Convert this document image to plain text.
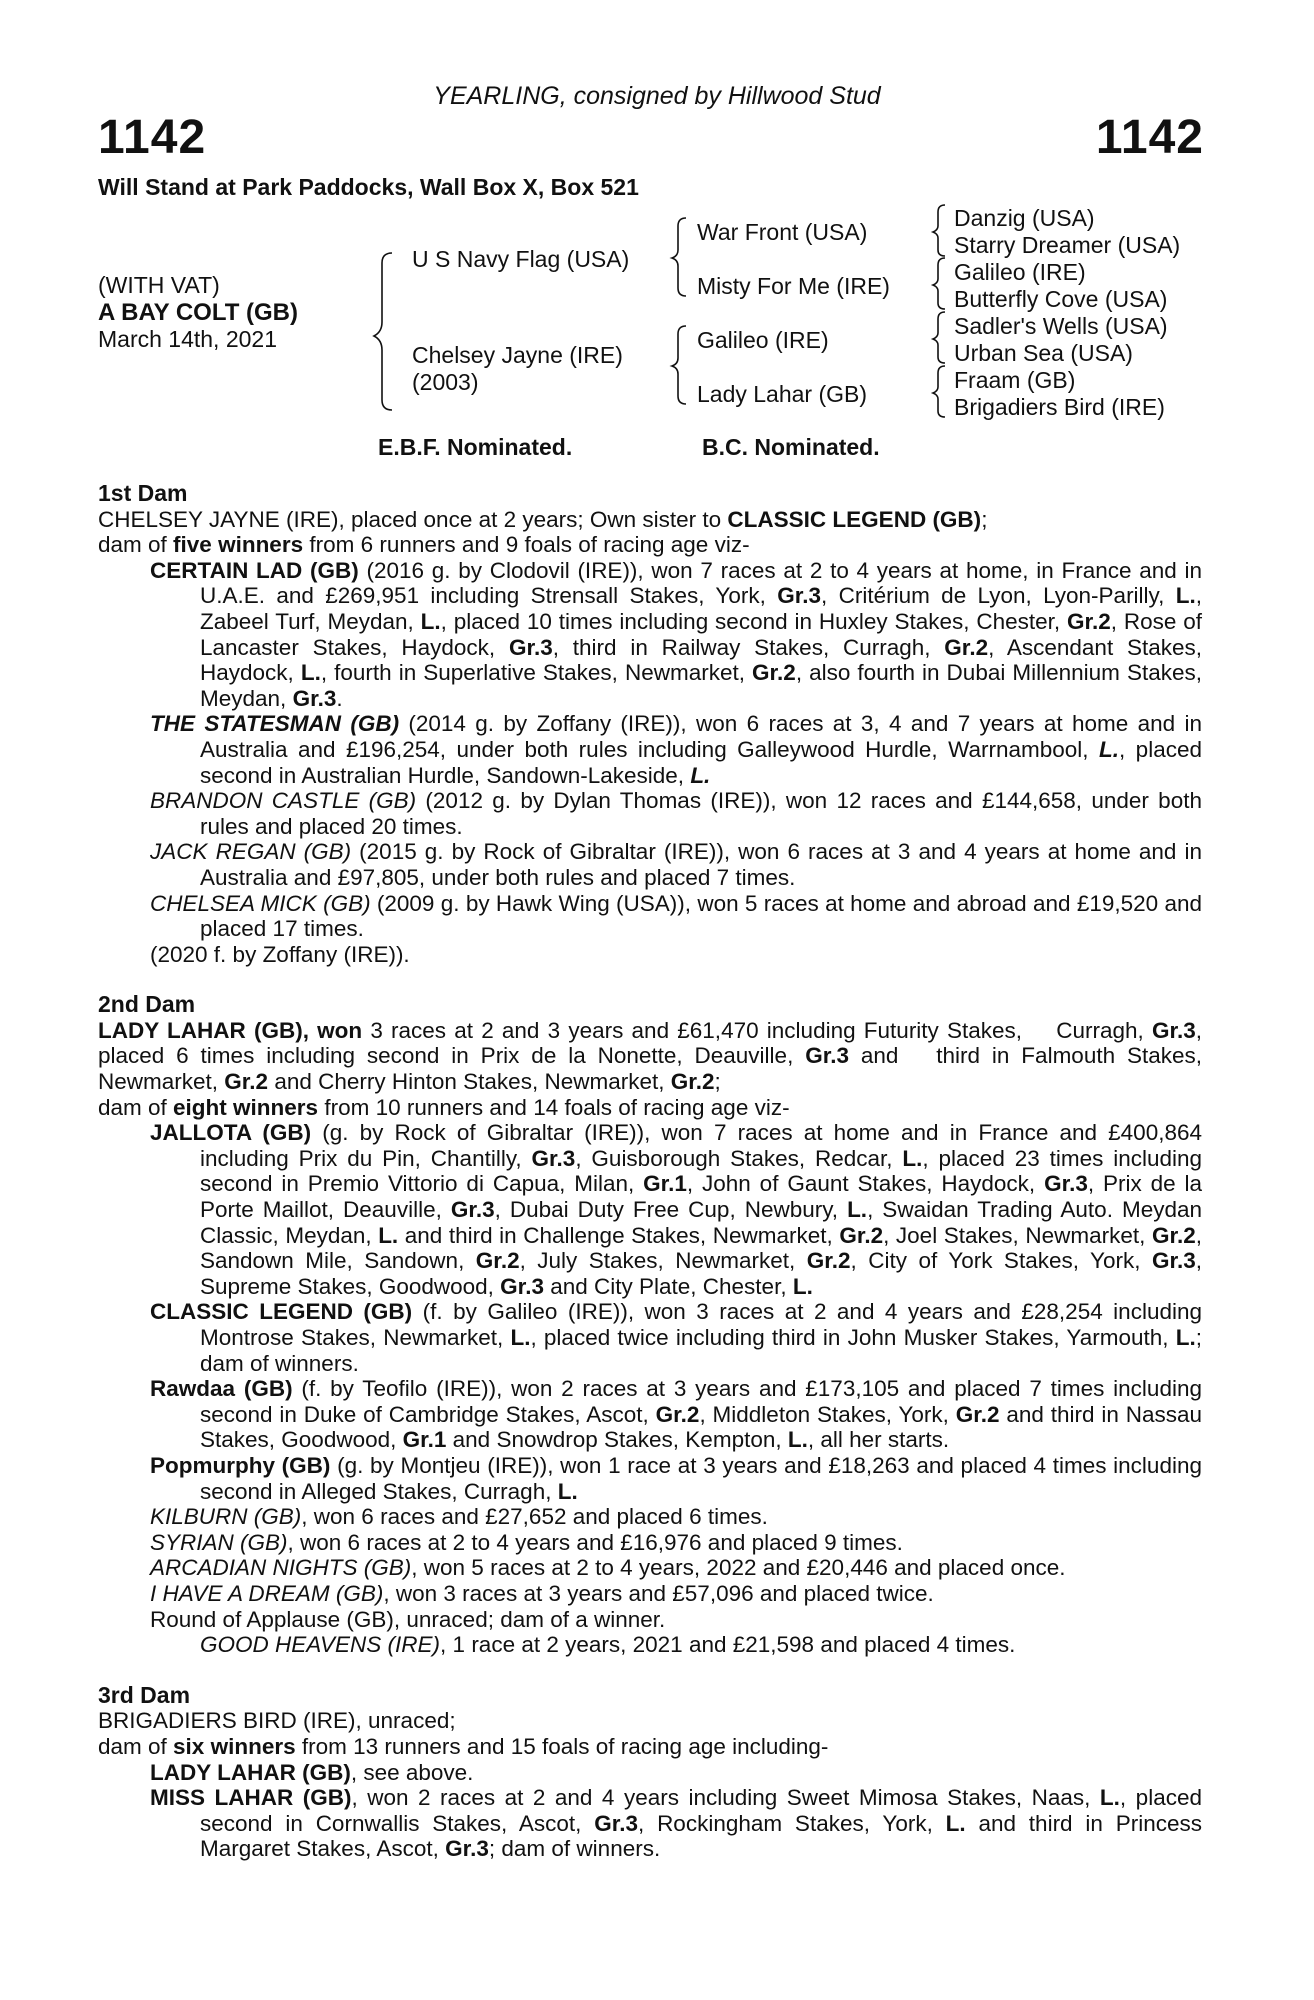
YEARLING, consigned by Hillwood Stud
1142	1142
Will Stand at Park Paddocks, Wall Box X, Box 521
(WITH VAT)
A BAY COLT (GB)
March 14th, 2021
U S Navy Flag (USA)
Chelsey Jayne (IRE)
(2003)
War Front (USA)
Misty For Me (IRE)
Galileo (IRE)
Lady Lahar (GB)
Danzig (USA)
Starry Dreamer (USA)
Galileo (IRE)
Butterfly Cove (USA)
Sadler's Wells (USA)
Urban Sea (USA)
Fraam (GB)
Brigadiers Bird (IRE)
E.B.F. Nominated.	B.C. Nominated.
1st Dam
CHELSEY JAYNE (IRE), placed once at 2 years; Own sister to CLASSIC LEGEND (GB);
dam of five winners from 6 runners and 9 foals of racing age viz-
CERTAIN LAD (GB) (2016 g. by Clodovil (IRE)), won 7 races at 2 to 4 years at home, in France and in U.A.E. and £269,951 including Strensall Stakes, York, Gr.3, Critérium de Lyon, Lyon-Parilly, L., Zabeel Turf, Meydan, L., placed 10 times including second in Huxley Stakes, Chester, Gr.2, Rose of Lancaster Stakes, Haydock, Gr.3, third in Railway Stakes, Curragh, Gr.2, Ascendant Stakes, Haydock, L., fourth in Superlative Stakes, Newmarket, Gr.2, also fourth in Dubai Millennium Stakes, Meydan, Gr.3.
THE STATESMAN (GB) (2014 g. by Zoffany (IRE)), won 6 races at 3, 4 and 7 years at home and in Australia and £196,254, under both rules including Galleywood Hurdle, Warrnambool, L., placed second in Australian Hurdle, Sandown-Lakeside, L.
BRANDON CASTLE (GB) (2012 g. by Dylan Thomas (IRE)), won 12 races and £144,658, under both rules and placed 20 times.
JACK REGAN (GB) (2015 g. by Rock of Gibraltar (IRE)), won 6 races at 3 and 4 years at home and in Australia and £97,805, under both rules and placed 7 times.
CHELSEA MICK (GB) (2009 g. by Hawk Wing (USA)), won 5 races at home and abroad and £19,520 and placed 17 times.
(2020 f. by Zoffany (IRE)).
2nd Dam
LADY LAHAR (GB), won 3 races at 2 and 3 years and £61,470 including Futurity Stakes, Curragh, Gr.3, placed 6 times including second in Prix de la Nonette, Deauville, Gr.3 and third in Falmouth Stakes, Newmarket, Gr.2 and Cherry Hinton Stakes, Newmarket, Gr.2;
dam of eight winners from 10 runners and 14 foals of racing age viz-
JALLOTA (GB) (g. by Rock of Gibraltar (IRE)), won 7 races at home and in France and £400,864 including Prix du Pin, Chantilly, Gr.3, Guisborough Stakes, Redcar, L., placed 23 times including second in Premio Vittorio di Capua, Milan, Gr.1, John of Gaunt Stakes, Haydock, Gr.3, Prix de la Porte Maillot, Deauville, Gr.3, Dubai Duty Free Cup, Newbury, L., Swaidan Trading Auto. Meydan Classic, Meydan, L. and third in Challenge Stakes, Newmarket, Gr.2, Joel Stakes, Newmarket, Gr.2, Sandown Mile, Sandown, Gr.2, July Stakes, Newmarket, Gr.2, City of York Stakes, York, Gr.3, Supreme Stakes, Goodwood, Gr.3 and City Plate, Chester, L.
CLASSIC LEGEND (GB) (f. by Galileo (IRE)), won 3 races at 2 and 4 years and £28,254 including Montrose Stakes, Newmarket, L., placed twice including third in John Musker Stakes, Yarmouth, L.; dam of winners.
Rawdaa (GB) (f. by Teofilo (IRE)), won 2 races at 3 years and £173,105 and placed 7 times including second in Duke of Cambridge Stakes, Ascot, Gr.2, Middleton Stakes, York, Gr.2 and third in Nassau Stakes, Goodwood, Gr.1 and Snowdrop Stakes, Kempton, L., all her starts.
Popmurphy (GB) (g. by Montjeu (IRE)), won 1 race at 3 years and £18,263 and placed 4 times including second in Alleged Stakes, Curragh, L.
KILBURN (GB), won 6 races and £27,652 and placed 6 times.
SYRIAN (GB), won 6 races at 2 to 4 years and £16,976 and placed 9 times.
ARCADIAN NIGHTS (GB), won 5 races at 2 to 4 years, 2022 and £20,446 and placed once.
I HAVE A DREAM (GB), won 3 races at 3 years and £57,096 and placed twice.
Round of Applause (GB), unraced; dam of a winner.
GOOD HEAVENS (IRE), 1 race at 2 years, 2021 and £21,598 and placed 4 times.
3rd Dam
BRIGADIERS BIRD (IRE), unraced;
dam of six winners from 13 runners and 15 foals of racing age including-
LADY LAHAR (GB), see above.
MISS LAHAR (GB), won 2 races at 2 and 4 years including Sweet Mimosa Stakes, Naas, L., placed second in Cornwallis Stakes, Ascot, Gr.3, Rockingham Stakes, York, L. and third in Princess Margaret Stakes, Ascot, Gr.3; dam of winners.
